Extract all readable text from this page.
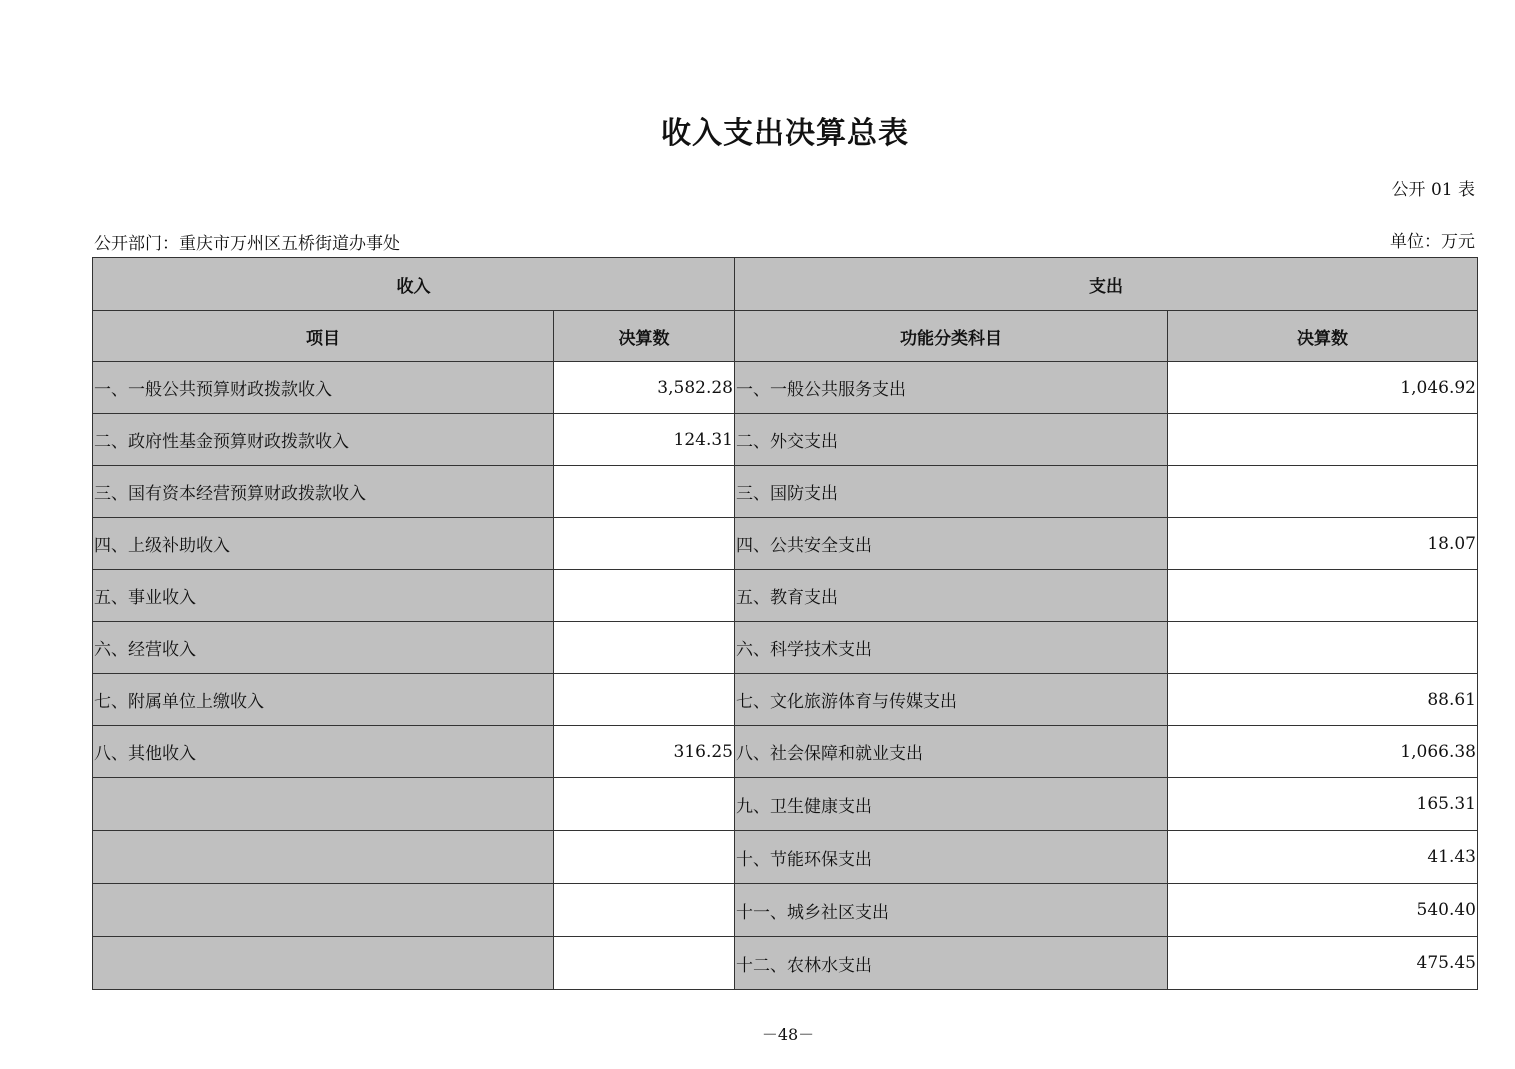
收入支出决算总表
公开 01 表
公开部门：重庆市万州区五桥街道办事处	单位：万元
收入		支出	
项目	决算数	功能分类科目	决算数
一、一般公共预算财政拨款收入	3,582.28	一、一般公共服务支出	1,046.92
二、政府性基金预算财政拨款收入	124.31	二、外交支出	
三、国有资本经营预算财政拨款收入		三、国防支出	
四、上级补助收入		四、公共安全支出	18.07
五、事业收入		五、教育支出	
六、经营收入		六、科学技术支出	
七、附属单位上缴收入		七、文化旅游体育与传媒支出	88.61
八、其他收入	316.25	八、社会保障和就业支出	1,066.38
		九、卫生健康支出	165.31
		十、节能环保支出	41.43
		十一、城乡社区支出	540.40
		十二、农林水支出	475.45
－48－
